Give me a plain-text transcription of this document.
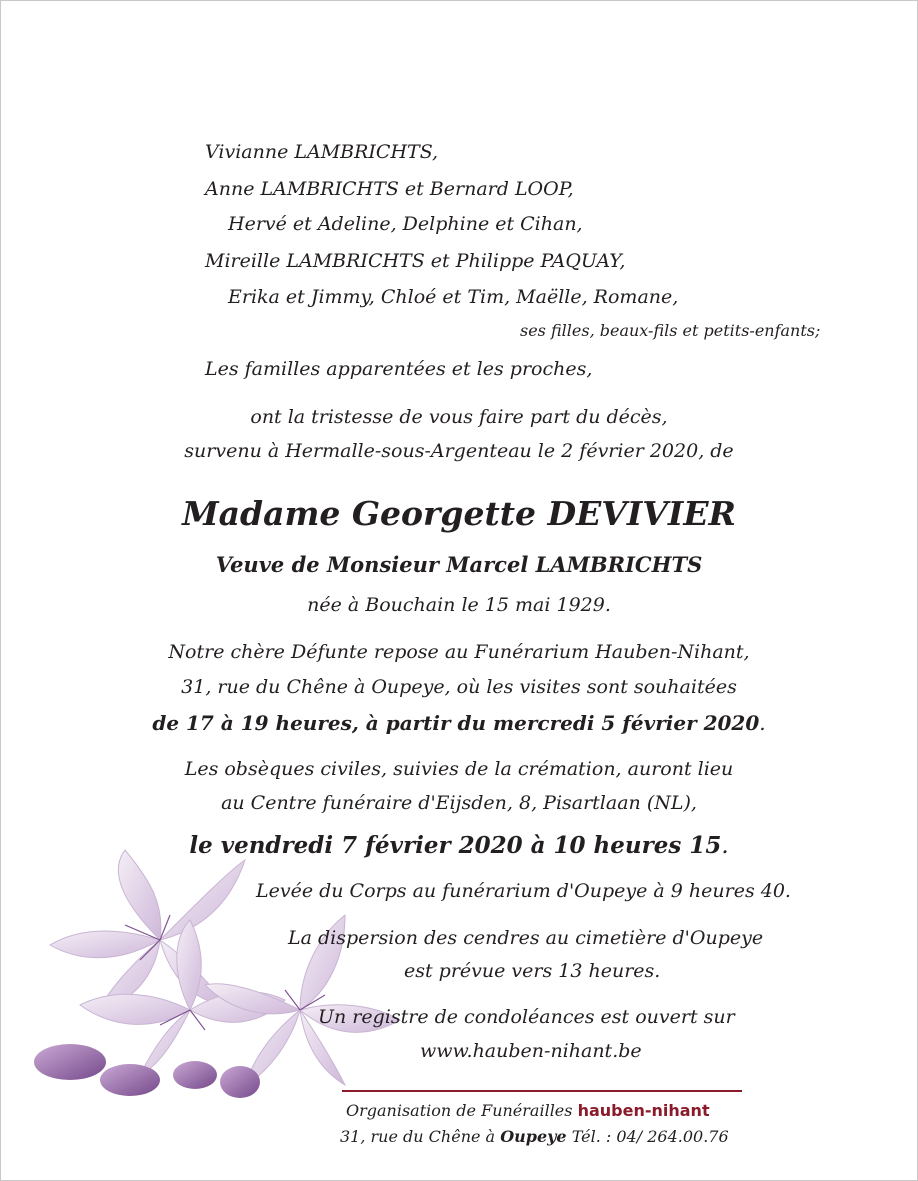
Vivianne LAMBRICHTS,
Anne LAMBRICHTS et Bernard LOOP,
Hervé et Adeline, Delphine et Cihan,
Mireille LAMBRICHTS et Philippe PAQUAY,
Erika et Jimmy, Chloé et Tim, Maëlle, Romane,
ses filles, beaux-fils et petits-enfants;
Les familles apparentées et les proches,
ont la tristesse de vous faire part du décès,
survenu à Hermalle-sous-Argenteau le 2 février 2020, de
Madame Georgette DEVIVIER
Veuve de Monsieur Marcel LAMBRICHTS
née à Bouchain le 15 mai 1929.
Notre chère Défunte repose au Funérarium Hauben-Nihant,
31, rue du Chêne à Oupeye, où les visites sont souhaitées
de 17 à 19 heures, à partir du mercredi 5 février 2020.
Les obsèques civiles, suivies de la crémation, auront lieu
au Centre funéraire d'Eijsden, 8, Pisartlaan (NL),
le vendredi 7 février 2020 à 10 heures 15.
Levée du Corps au funérarium d'Oupeye à 9 heures 40.
La dispersion des cendres au cimetière d'Oupeye
est prévue vers 13 heures.
Un registre de condoléances est ouvert sur
www.hauben-nihant.be
Organisation de Funérailles hauben-nihant
31, rue du Chêne à Oupeye Tél. : 04/ 264.00.76
